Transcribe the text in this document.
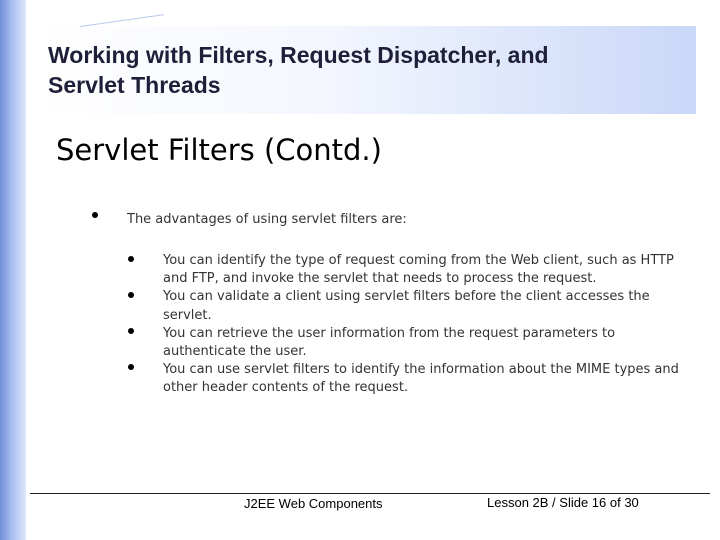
Working with Filters, Request Dispatcher, and
Servlet Threads
Servlet Filters (Contd.)
The advantages of using servlet filters are:

You can identify the type of request coming from the Web client, such as HTTP and FTP, and invoke the servlet that needs to process the request.

You can validate a client using servlet filters before the client accesses the servlet.

You can retrieve the user information from the request parameters to authenticate the user.

You can use servlet filters to identify the information about the MIME types and other header contents of the request.

J2EE Web Components	Lesson 2B / Slide 16 of 30
